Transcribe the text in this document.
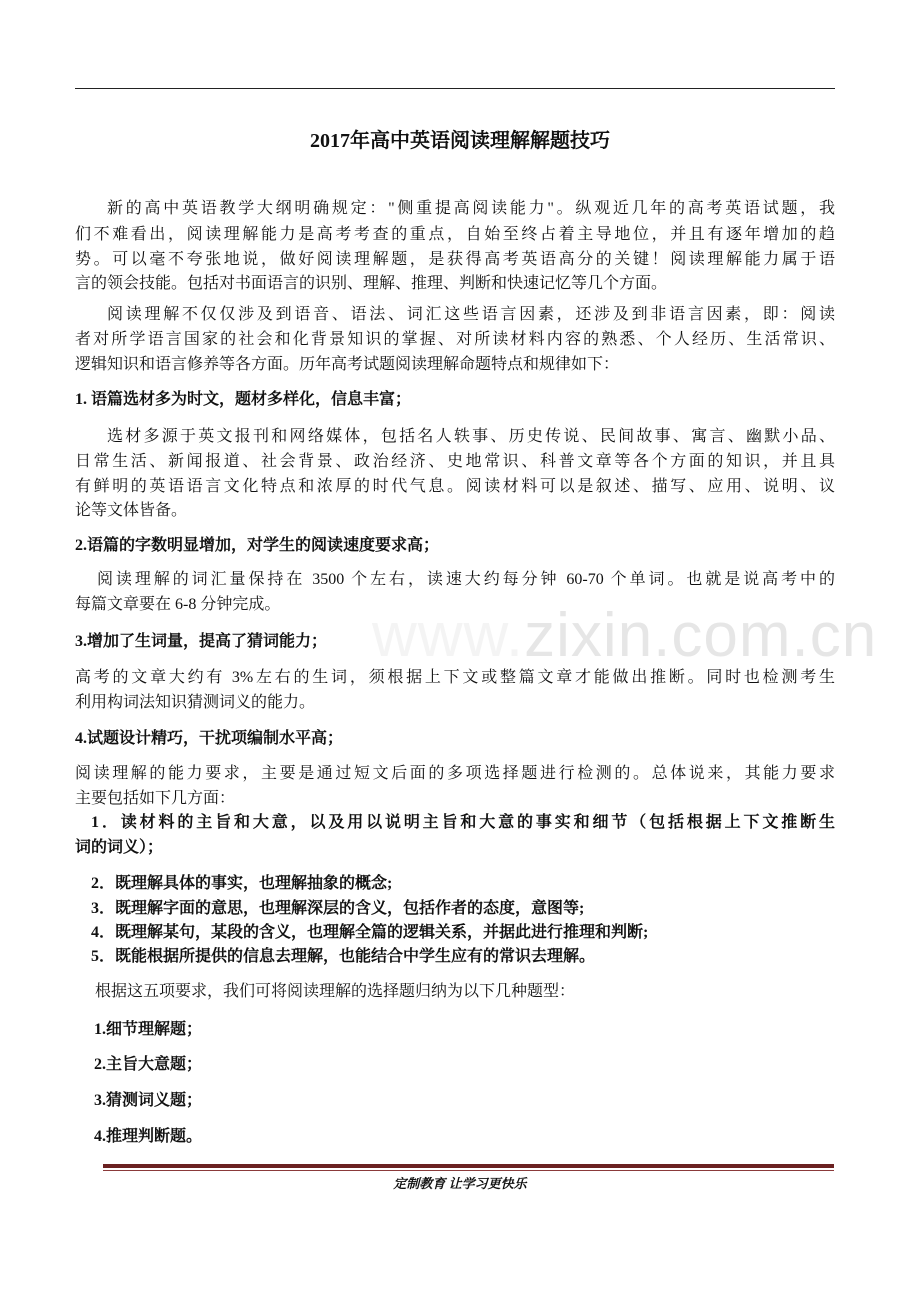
2017年高中英语阅读理解解题技巧
www.zixin.com.cn
新的高中英语教学大纲明确规定："侧重提高阅读能力"。纵观近几年的高考英语试题，我
们不难看出，阅读理解能力是高考考查的重点，自始至终占着主导地位，并且有逐年增加的趋
势。可以毫不夸张地说，做好阅读理解题，是获得高考英语高分的关键！阅读理解能力属于语
言的领会技能。包括对书面语言的识别、理解、推理、判断和快速记忆等几个方面。
阅读理解不仅仅涉及到语音、语法、词汇这些语言因素，还涉及到非语言因素，即：阅读
者对所学语言国家的社会和化背景知识的掌握、对所读材料内容的熟悉、个人经历、生活常识、
逻辑知识和语言修养等各方面。历年高考试题阅读理解命题特点和规律如下：
1. 语篇选材多为时文，题材多样化，信息丰富；
选材多源于英文报刊和网络媒体，包括名人轶事、历史传说、民间故事、寓言、幽默小品、
日常生活、新闻报道、社会背景、政治经济、史地常识、科普文章等各个方面的知识，并且具
有鲜明的英语语言文化特点和浓厚的时代气息。阅读材料可以是叙述、描写、应用、说明、议
论等文体皆备。
2.语篇的字数明显增加，对学生的阅读速度要求高；
阅读理解的词汇量保持在 3500 个左右，读速大约每分钟 60-70 个单词。也就是说高考中的
每篇文章要在 6-8 分钟完成。
3.增加了生词量，提高了猜词能力；
高考的文章大约有 3%左右的生词，须根据上下文或整篇文章才能做出推断。同时也检测考生
利用构词法知识猜测词义的能力。
4.试题设计精巧，干扰项编制水平高；
阅读理解的能力要求，主要是通过短文后面的多项选择题进行检测的。总体说来，其能力要求
主要包括如下几方面：
1．读材料的主旨和大意，以及用以说明主旨和大意的事实和细节（包括根据上下文推断生
词的词义）；
2．既理解具体的事实，也理解抽象的概念;
3．既理解字面的意思，也理解深层的含义，包括作者的态度，意图等;
4．既理解某句，某段的含义，也理解全篇的逻辑关系，并据此进行推理和判断;
5．既能根据所提供的信息去理解，也能结合中学生应有的常识去理解。
根据这五项要求，我们可将阅读理解的选择题归纳为以下几种题型：
1.细节理解题；
2.主旨大意题；
3.猜测词义题；
4.推理判断题。
定制教育 让学习更快乐
